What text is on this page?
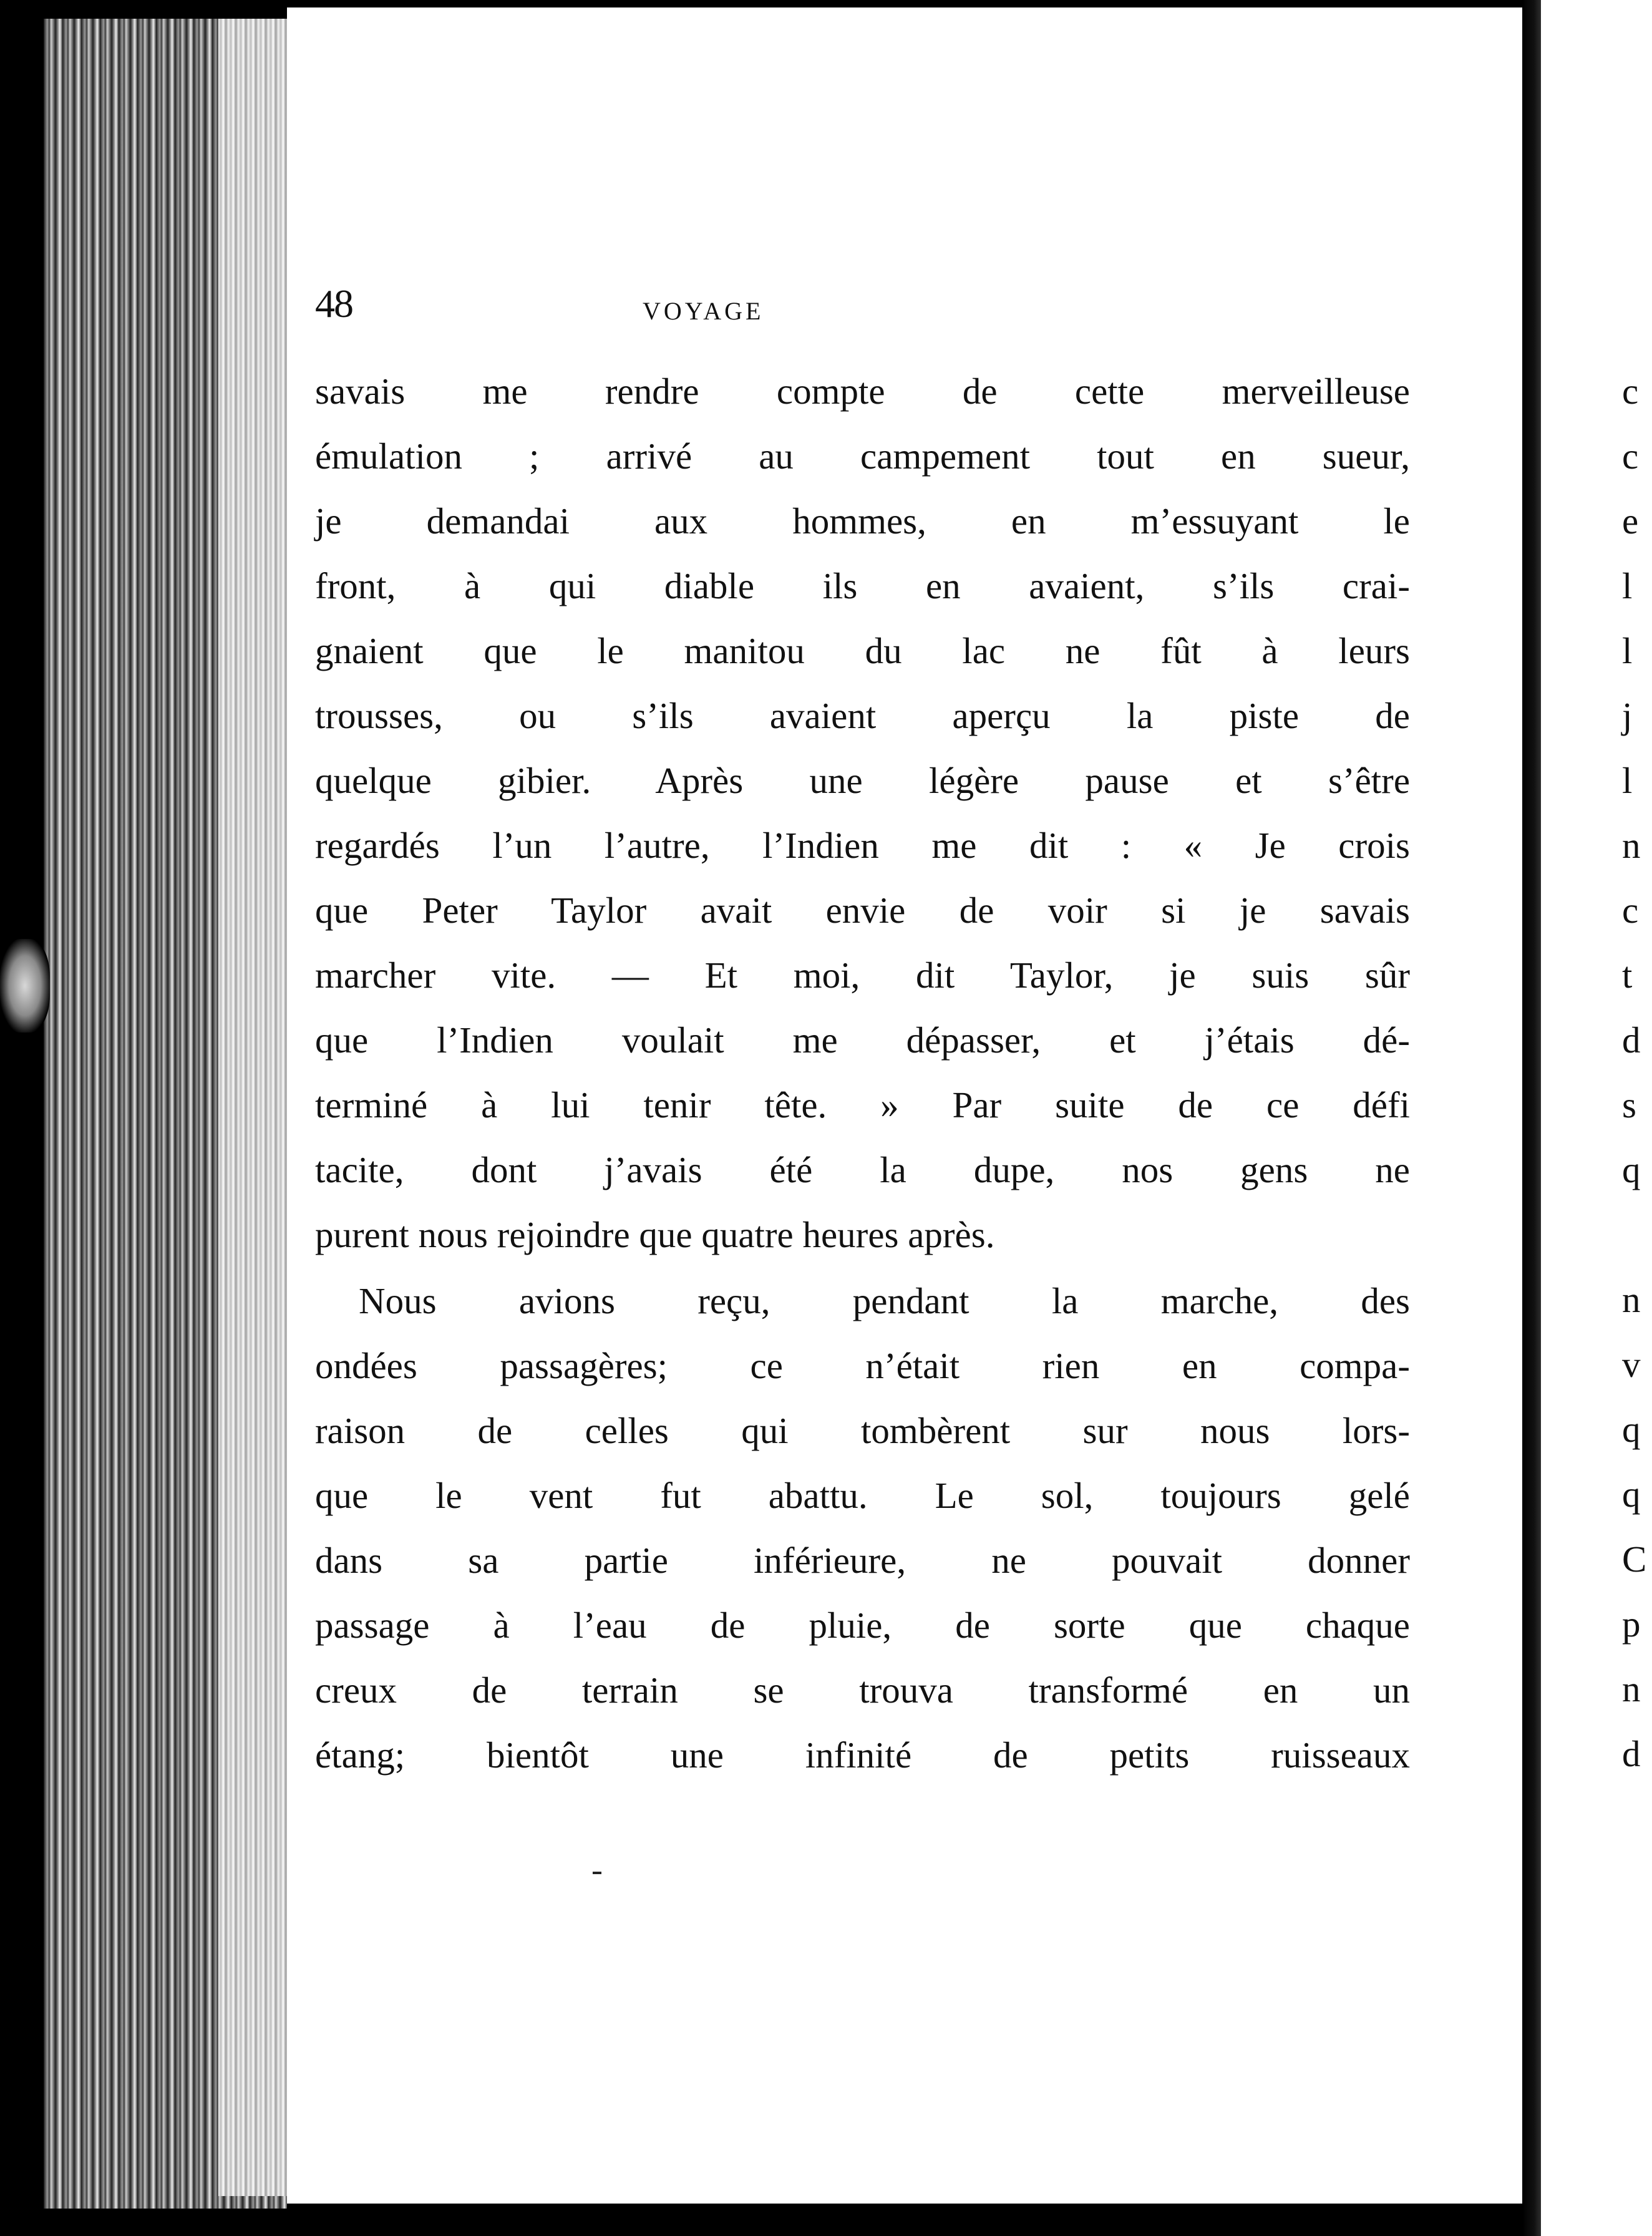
48	VOYAGE
savais me rendre compte de cette merveilleuse
émulation ; arrivé au campement tout en sueur,
je demandai aux hommes, en m’essuyant le
front, à qui diable ils en avaient, s’ils crai-
gnaient que le manitou du lac ne fût à leurs
trousses, ou s’ils avaient aperçu la piste de
quelque gibier. Après une légère pause et s’être
regardés l’un l’autre, l’Indien me dit : « Je crois
que Peter Taylor avait envie de voir si je savais
marcher vite. — Et moi, dit Taylor, je suis sûr
que l’Indien voulait me dépasser, et j’étais dé-
terminé à lui tenir tête. » Par suite de ce défi
tacite, dont j’avais été la dupe, nos gens ne
purent nous rejoindre que quatre heures après.
Nous avions reçu, pendant la marche, des
ondées passagères; ce n’était rien en compa-
raison de celles qui tombèrent sur nous lors-
que le vent fut abattu. Le sol, toujours gelé
dans sa partie inférieure, ne pouvait donner
passage à l’eau de pluie, de sorte que chaque
creux de terrain se trouva transformé en un
étang; bientôt une infinité de petits ruisseaux
c
c
e
l
l
j
l
n
c
t
d
s
q
n
v
q
q
C
p
n
d
